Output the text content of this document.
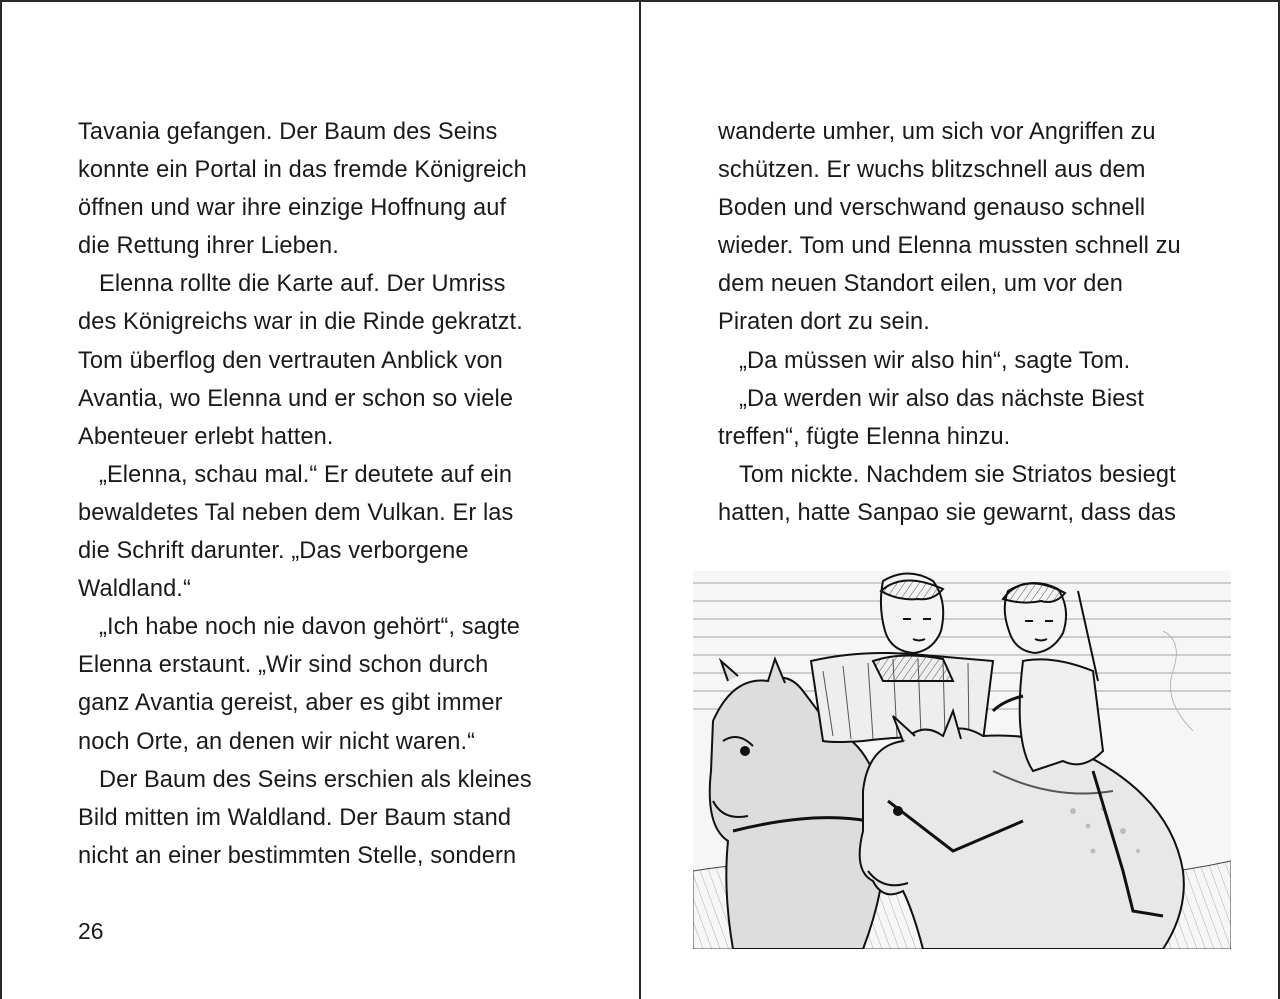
Tavania gefangen. Der Baum des Seins
konnte ein Portal in das fremde Königreich
öffnen und war ihre einzige Hoffnung auf
die Rettung ihrer Lieben.
Elenna rollte die Karte auf. Der Umriss
des Königreichs war in die Rinde gekratzt.
Tom überflog den vertrauten Anblick von
Avantia, wo Elenna und er schon so viele
Abenteuer erlebt hatten.
„Elenna, schau mal.“ Er deutete auf ein
bewaldetes Tal neben dem Vulkan. Er las
die Schrift darunter. „Das verborgene
Waldland.“
„Ich habe noch nie davon gehört“, sagte
Elenna erstaunt. „Wir sind schon durch
ganz Avantia gereist, aber es gibt immer
noch Orte, an denen wir nicht waren.“
Der Baum des Seins erschien als kleines
Bild mitten im Waldland. Der Baum stand
nicht an einer bestimmten Stelle, sondern
26
wanderte umher, um sich vor Angriffen zu
schützen. Er wuchs blitzschnell aus dem
Boden und verschwand genauso schnell
wieder. Tom und Elenna mussten schnell zu
dem neuen Standort eilen, um vor den
Piraten dort zu sein.
„Da müssen wir also hin“, sagte Tom.
„Da werden wir also das nächste Biest
treffen“, fügte Elenna hinzu.
Tom nickte. Nachdem sie Striatos besiegt
hatten, hatte Sanpao sie gewarnt, dass das
